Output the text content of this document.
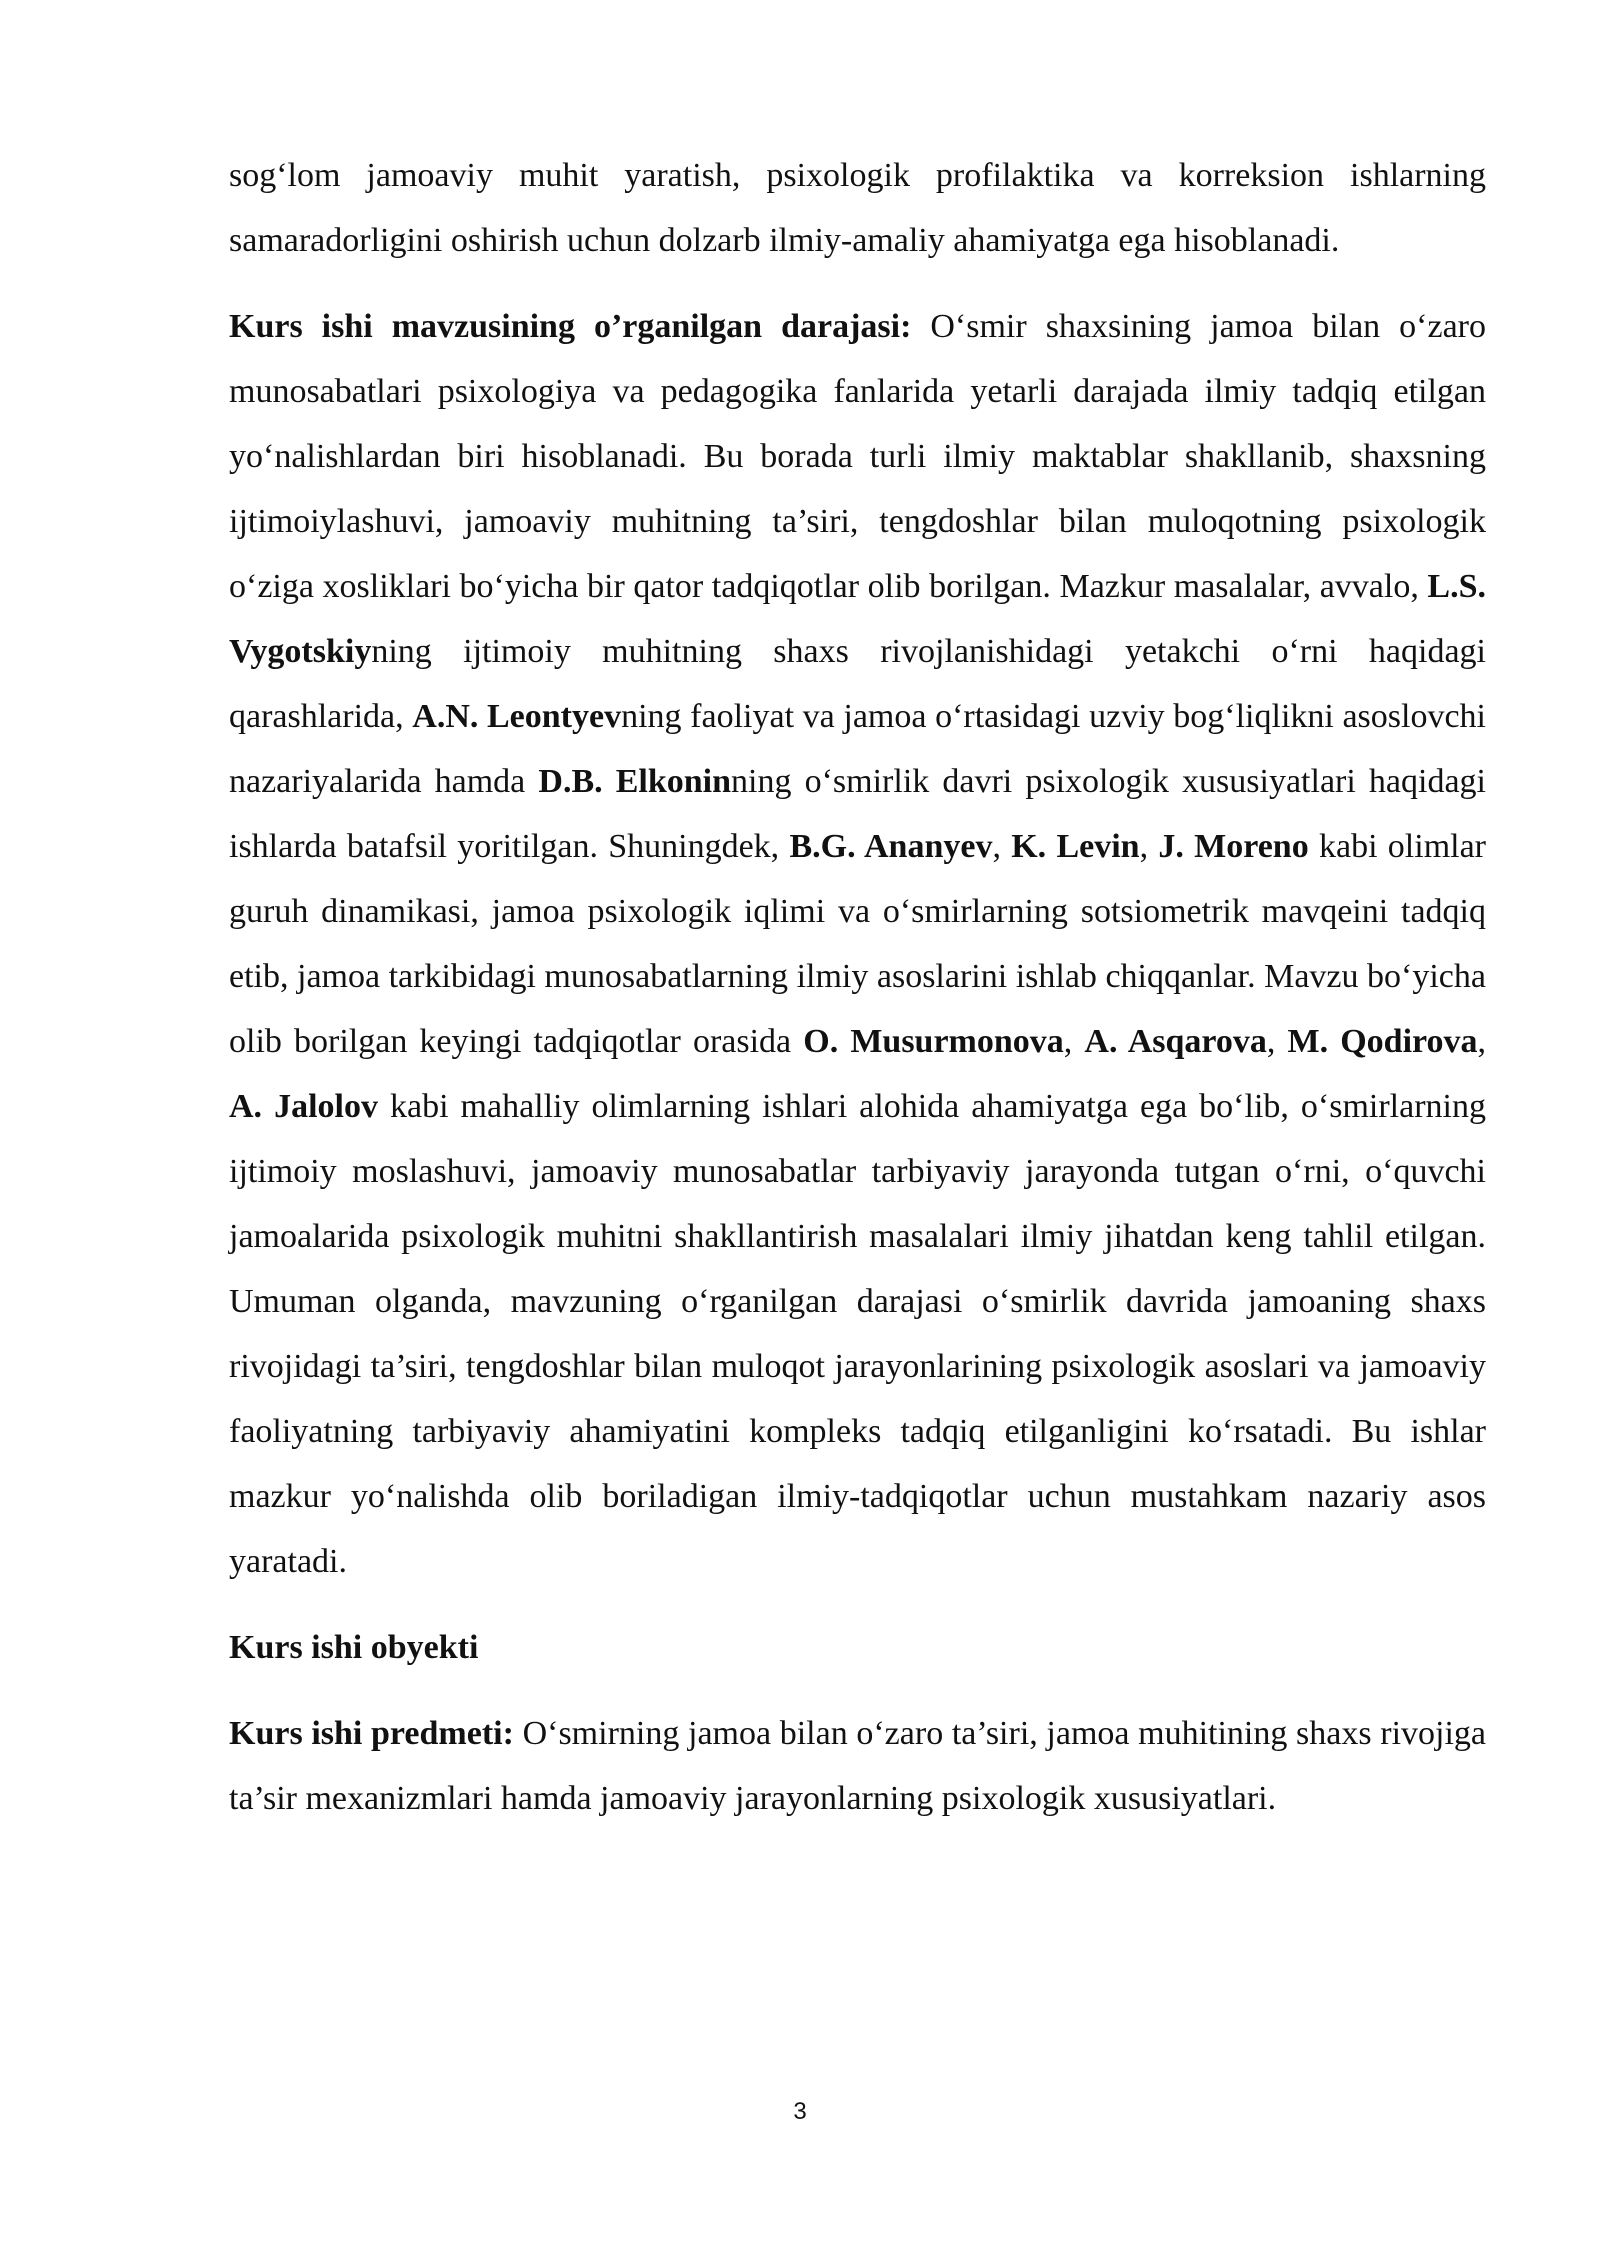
sog‘lom jamoaviy muhit yaratish, psixologik profilaktika va korreksion ishlarning samaradorligini oshirish uchun dolzarb ilmiy-amaliy ahamiyatga ega hisoblanadi.

Kurs ishi mavzusining o’rganilgan darajasi: O‘smir shaxsining jamoa bilan o‘zaro munosabatlari psixologiya va pedagogika fanlarida yetarli darajada ilmiy tadqiq etilgan yo‘nalishlardan biri hisoblanadi. Bu borada turli ilmiy maktablar shakllanib, shaxsning ijtimoiylashuvi, jamoaviy muhitning ta’siri, tengdoshlar bilan muloqotning psixologik o‘ziga xosliklari bo‘yicha bir qator tadqiqotlar olib borilgan. Mazkur masalalar, avvalo, L.S. Vygotskiyning ijtimoiy muhitning shaxs rivojlanishidagi yetakchi o‘rni haqidagi qarashlarida, A.N. Leontyevning faoliyat va jamoa o‘rtasidagi uzviy bog‘liqlikni asoslovchi nazariyalarida hamda D.B. Elkoninning o‘smirlik davri psixologik xususiyatlari haqidagi ishlarda batafsil yoritilgan. Shuningdek, B.G. Ananyev, K. Levin, J. Moreno kabi olimlar guruh dinamikasi, jamoa psixologik iqlimi va o‘smirlarning sotsiometrik mavqeini tadqiq etib, jamoa tarkibidagi munosabatlarning ilmiy asoslarini ishlab chiqqanlar. Mavzu bo‘yicha olib borilgan keyingi tadqiqotlar orasida O. Musurmonova, A. Asqarova, M. Qodirova, A. Jalolov kabi mahalliy olimlarning ishlari alohida ahamiyatga ega bo‘lib, o‘smirlarning ijtimoiy moslashuvi, jamoaviy munosabatlar tarbiyaviy jarayonda tutgan o‘rni, o‘quvchi jamoalarida psixologik muhitni shakllantirish masalalari ilmiy jihatdan keng tahlil etilgan. Umuman olganda, mavzuning o‘rganilgan darajasi o‘smirlik davrida jamoaning shaxs rivojidagi ta’siri, tengdoshlar bilan muloqot jarayonlarining psixologik asoslari va jamoaviy faoliyatning tarbiyaviy ahamiyatini kompleks tadqiq etilganligini ko‘rsatadi. Bu ishlar mazkur yo‘nalishda olib boriladigan ilmiy-tadqiqotlar uchun mustahkam nazariy asos yaratadi.

Kurs ishi obyekti

Kurs ishi predmeti: O‘smirning jamoa bilan o‘zaro ta’siri, jamoa muhitining shaxs rivojiga ta’sir mexanizmlari hamda jamoaviy jarayonlarning psixologik xususiyatlari.

3
